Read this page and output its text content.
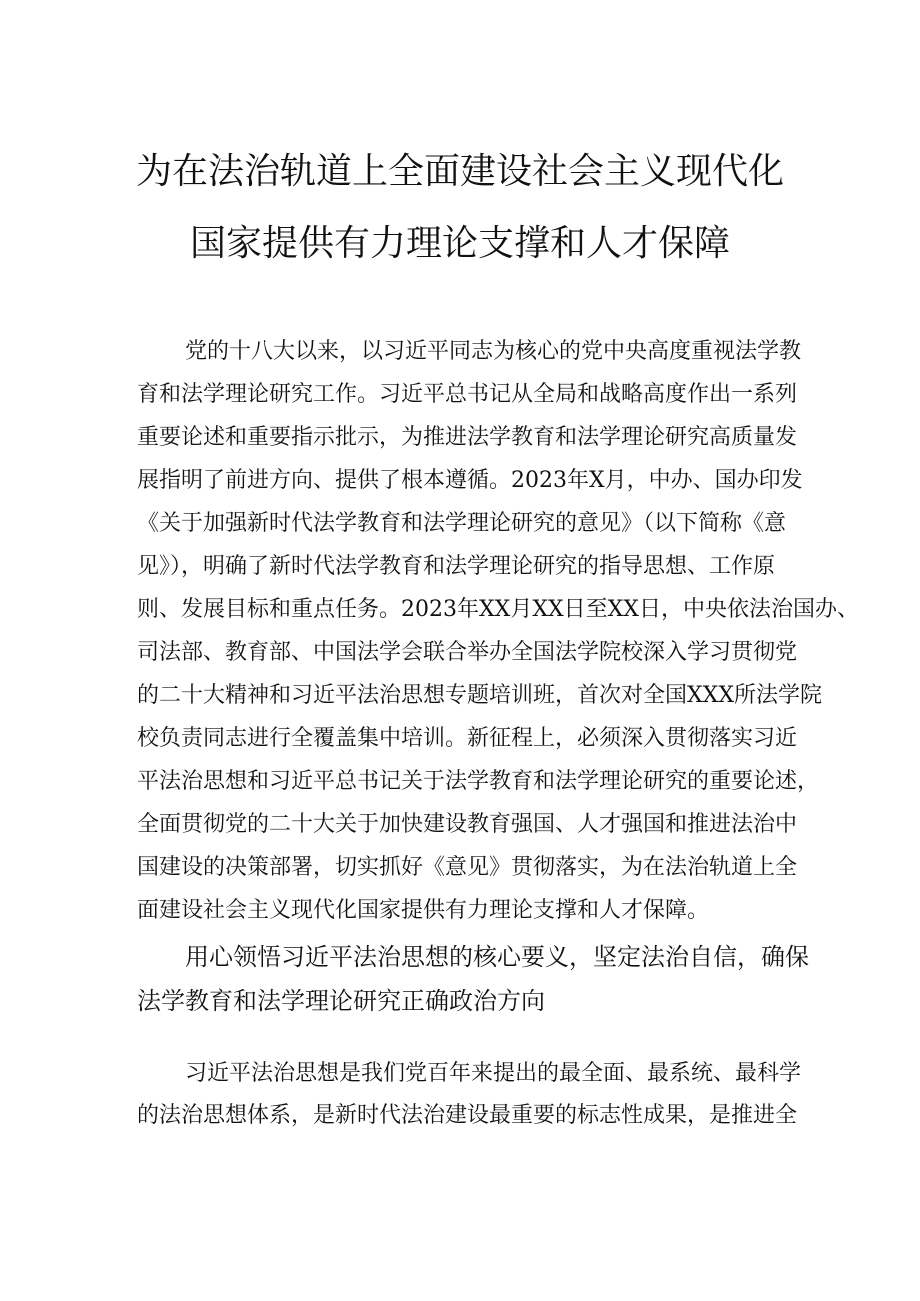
为在法治轨道上全面建设社会主义现代化
国家提供有力理论支撑和人才保障
党的十八大以来，以习近平同志为核心的党中央高度重视法学教
育和法学理论研究工作。习近平总书记从全局和战略高度作出一系列
重要论述和重要指示批示，为推进法学教育和法学理论研究高质量发
展指明了前进方向、提供了根本遵循。2023年X月，中办、国办印发
《关于加强新时代法学教育和法学理论研究的意见》（以下简称《意
见》），明确了新时代法学教育和法学理论研究的指导思想、工作原
则、发展目标和重点任务。2023年XX月XX日至XX日，中央依法治国办、
司法部、教育部、中国法学会联合举办全国法学院校深入学习贯彻党
的二十大精神和习近平法治思想专题培训班，首次对全国XXX所法学院
校负责同志进行全覆盖集中培训。新征程上，必须深入贯彻落实习近
平法治思想和习近平总书记关于法学教育和法学理论研究的重要论述，
全面贯彻党的二十大关于加快建设教育强国、人才强国和推进法治中
国建设的决策部署，切实抓好《意见》贯彻落实，为在法治轨道上全
面建设社会主义现代化国家提供有力理论支撑和人才保障。
用心领悟习近平法治思想的核心要义，坚定法治自信，确保
法学教育和法学理论研究正确政治方向
习近平法治思想是我们党百年来提出的最全面、最系统、最科学
的法治思想体系，是新时代法治建设最重要的标志性成果，是推进全
